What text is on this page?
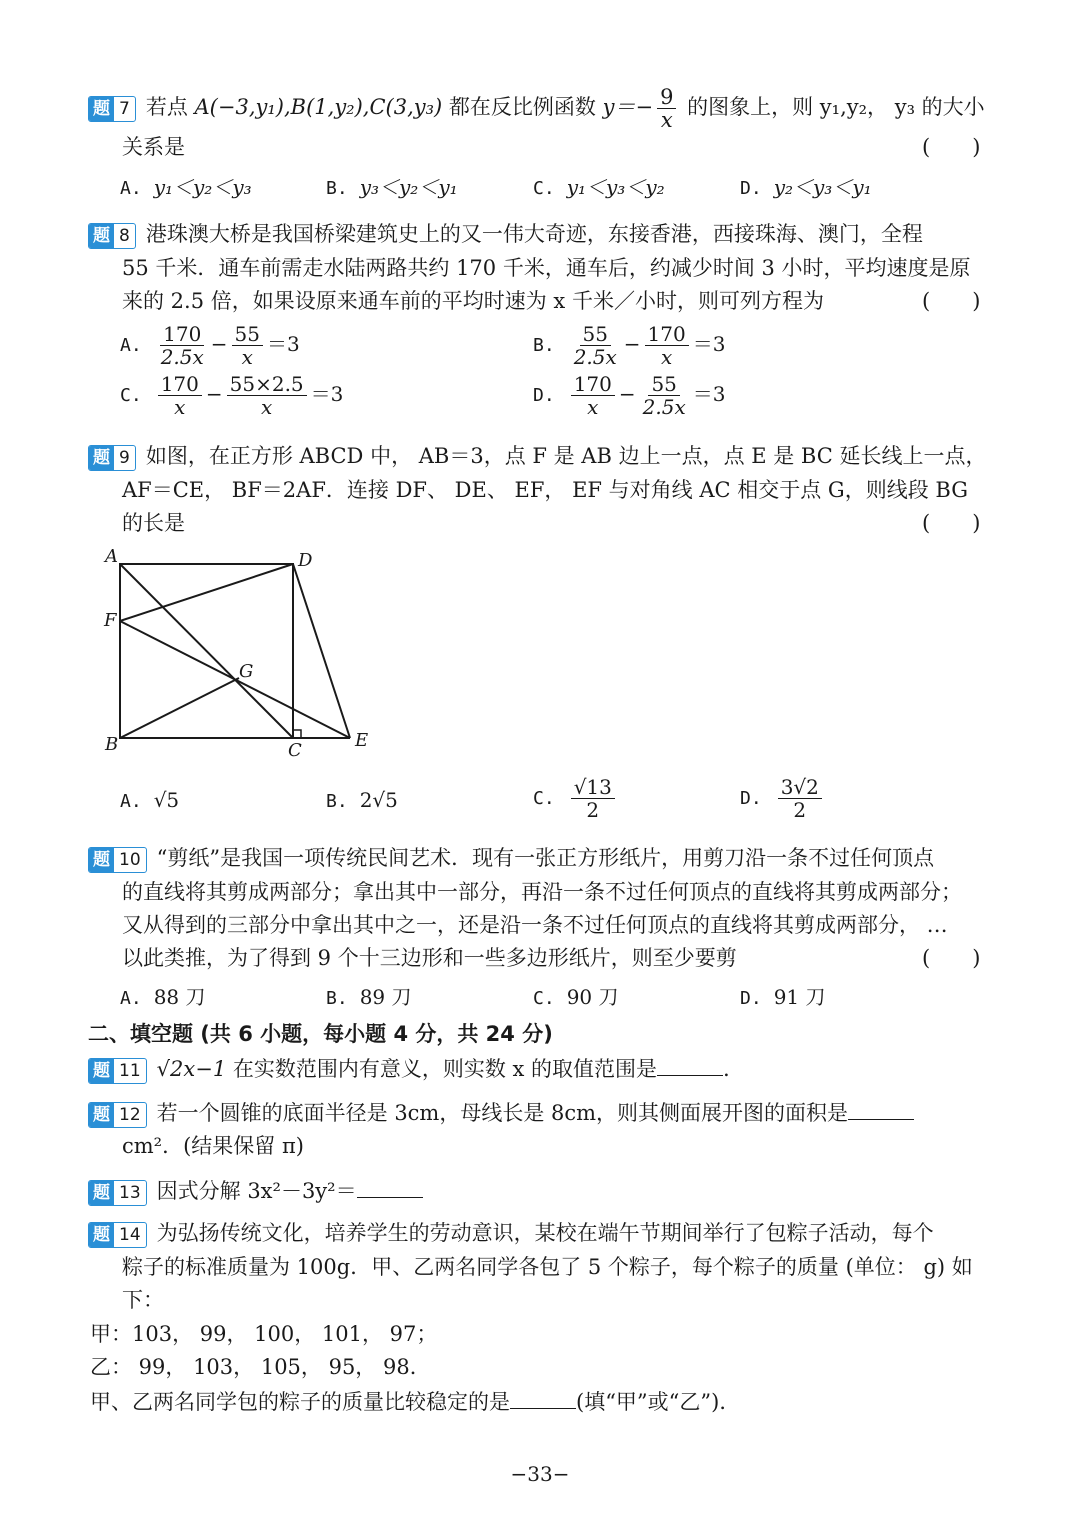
题 7 若点 A(−3,y₁),B(1,y₂),C(3,y₃) 都在反比例函数 $y=- \frac{9}{x}$ 的图象上，则 y₁,y₂， y₃ 的大小
关系是	(　　)
A. y₁＜y₂＜y₃	B. y₃＜y₂＜y₁	C. y₁＜y₃＜y₂	D. y₂＜y₃＜y₁
题 8 港珠澳大桥是我国桥梁建筑史上的又一伟大奇迹，东接香港，西接珠海、澳门，全程
55 千米．通车前需走水陆两路共约 170 千米，通车后，约减少时间 3 小时，平均速度是原
来的 2.5 倍，如果设原来通车前的平均时速为 x 千米／小时，则可列方程为	(　　)
A. $\frac{170}{2.5x} - \frac{55}{x} =3$	B. $\frac{55}{2.5x} - \frac{170}{x} =3$
C. $\frac{170}{x} - \frac{55\times 2.5}{x} =3$	D. $\frac{170}{x} - \frac{55}{2.5x} =3$
题 9 如图，在正方形 ABCD 中， AB＝3，点 F 是 AB 边上一点，点 E 是 BC 延长线上一点，
AF＝CE， BF＝2AF．连接 DF、 DE、 EF， EF 与对角线 AC 相交于点 G，则线段 BG
的长是	(　　)
A	D
F
G
B	C	E
A. √5	B. 2√5	C. $\frac{√13}{2}$	D. $\frac{3√2}{2}$
题 10 “剪纸”是我国一项传统民间艺术．现有一张正方形纸片，用剪刀沿一条不过任何顶点
的直线将其剪成两部分；拿出其中一部分，再沿一条不过任何顶点的直线将其剪成两部分；
又从得到的三部分中拿出其中之一，还是沿一条不过任何顶点的直线将其剪成两部分， …
以此类推，为了得到 9 个十三边形和一些多边形纸片，则至少要剪	(　　)
A. 88 刀	B. 89 刀	C. 90 刀	D. 91 刀
二、填空题 (共 6 小题，每小题 4 分，共 24 分)
题 11 √2x−1 在实数范围内有意义，则实数 x 的取值范围是	．
题 12 若一个圆锥的底面半径是 3cm，母线长是 8cm，则其侧面展开图的面积是
cm²．(结果保留 π)
题 13 因式分解 3x²－3y²＝
题 14 为弘扬传统文化，培养学生的劳动意识，某校在端午节期间举行了包粽子活动，每个
粽子的标准质量为 100g．甲、乙两名同学各包了 5 个粽子，每个粽子的质量 (单位： g) 如
下：
甲：103， 99， 100， 101， 97；
乙： 99， 103， 105， 95， 98．
甲、乙两名同学包的粽子的质量比较稳定的是	(填“甲”或“乙”)．
−33−
